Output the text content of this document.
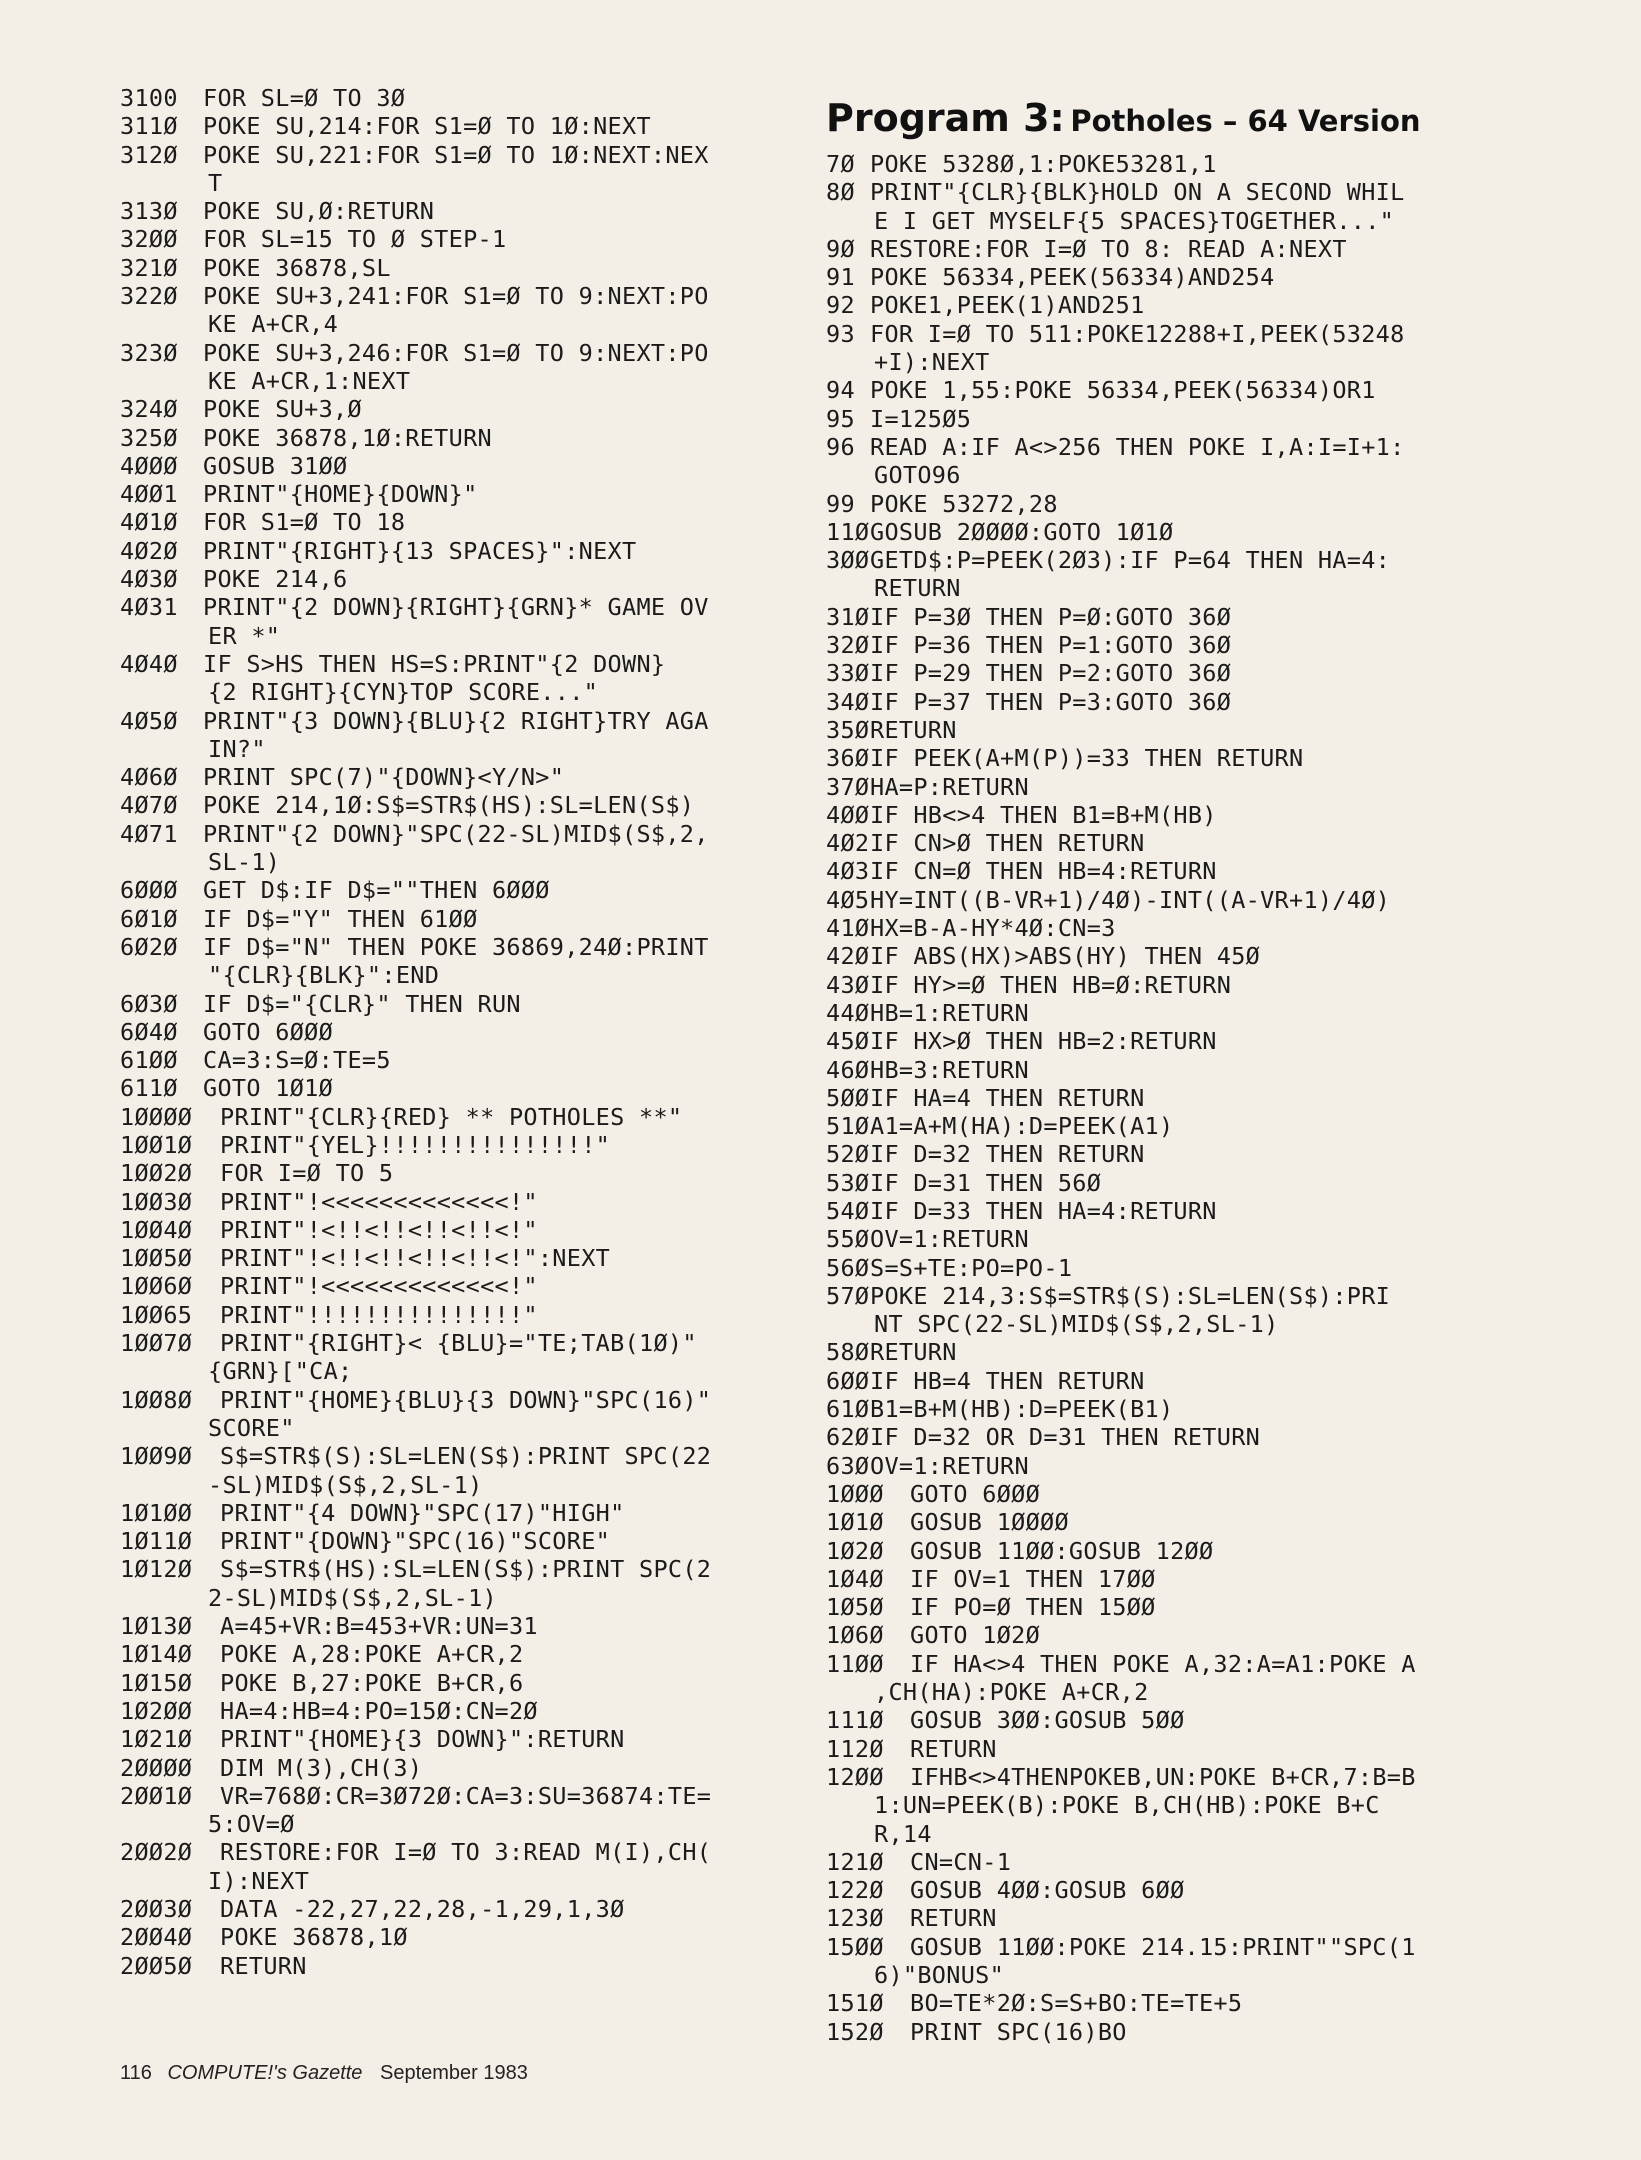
Program 3: Potholes – 64 Version
3100	FOR SL=Ø TO 3Ø
311Ø	POKE SU,214:FOR S1=Ø TO 1Ø:NEXT
312Ø	POKE SU,221:FOR S1=Ø TO 1Ø:NEXT:NEX
T
313Ø	POKE SU,Ø:RETURN
32ØØ	FOR SL=15 TO Ø STEP-1
321Ø	POKE 36878,SL
322Ø	POKE SU+3,241:FOR S1=Ø TO 9:NEXT:PO
KE A+CR,4
323Ø	POKE SU+3,246:FOR S1=Ø TO 9:NEXT:PO
KE A+CR,1:NEXT
324Ø	POKE SU+3,Ø
325Ø	POKE 36878,1Ø:RETURN
4ØØØ	GOSUB 31ØØ
4ØØ1	PRINT"{HOME}{DOWN}"
4Ø1Ø	FOR S1=Ø TO 18
4Ø2Ø	PRINT"{RIGHT}{13 SPACES}":NEXT
4Ø3Ø	POKE 214,6
4Ø31	PRINT"{2 DOWN}{RIGHT}{GRN}* GAME OV
ER *"
4Ø4Ø	IF S>HS THEN HS=S:PRINT"{2 DOWN}
{2 RIGHT}{CYN}TOP SCORE..."
4Ø5Ø	PRINT"{3 DOWN}{BLU}{2 RIGHT}TRY AGA
IN?"
4Ø6Ø	PRINT SPC(7)"{DOWN}<Y/N>"
4Ø7Ø	POKE 214,1Ø:S$=STR$(HS):SL=LEN(S$)
4Ø71	PRINT"{2 DOWN}"SPC(22-SL)MID$(S$,2,
SL-1)
6ØØØ	GET D$:IF D$=""THEN 6ØØØ
6Ø1Ø	IF D$="Y" THEN 61ØØ
6Ø2Ø	IF D$="N" THEN POKE 36869,24Ø:PRINT
"{CLR}{BLK}":END
6Ø3Ø	IF D$="{CLR}" THEN RUN
6Ø4Ø	GOTO 6ØØØ
61ØØ	CA=3:S=Ø:TE=5
611Ø	GOTO 1Ø1Ø
1ØØØØ	PRINT"{CLR}{RED} ** POTHOLES **"
1ØØ1Ø	PRINT"{YEL}!!!!!!!!!!!!!!!"
1ØØ2Ø	FOR I=Ø TO 5
1ØØ3Ø	PRINT"!<<<<<<<<<<<<<!"
1ØØ4Ø	PRINT"!<!!<!!<!!<!!<!"
1ØØ5Ø	PRINT"!<!!<!!<!!<!!<!":NEXT
1ØØ6Ø	PRINT"!<<<<<<<<<<<<<!"
1ØØ65	PRINT"!!!!!!!!!!!!!!!"
1ØØ7Ø	PRINT"{RIGHT}< {BLU}="TE;TAB(1Ø)"
{GRN}["CA;
1ØØ8Ø	PRINT"{HOME}{BLU}{3 DOWN}"SPC(16)"
SCORE"
1ØØ9Ø	S$=STR$(S):SL=LEN(S$):PRINT SPC(22
-SL)MID$(S$,2,SL-1)
1Ø1ØØ	PRINT"{4 DOWN}"SPC(17)"HIGH"
1Ø11Ø	PRINT"{DOWN}"SPC(16)"SCORE"
1Ø12Ø	S$=STR$(HS):SL=LEN(S$):PRINT SPC(2
2-SL)MID$(S$,2,SL-1)
1Ø13Ø	A=45+VR:B=453+VR:UN=31
1Ø14Ø	POKE A,28:POKE A+CR,2
1Ø15Ø	POKE B,27:POKE B+CR,6
1Ø2ØØ	HA=4:HB=4:PO=15Ø:CN=2Ø
1Ø21Ø	PRINT"{HOME}{3 DOWN}":RETURN
2ØØØØ	DIM M(3),CH(3)
2ØØ1Ø	VR=768Ø:CR=3Ø72Ø:CA=3:SU=36874:TE=
5:OV=Ø
2ØØ2Ø	RESTORE:FOR I=Ø TO 3:READ M(I),CH(
I):NEXT
2ØØ3Ø	DATA -22,27,22,28,-1,29,1,3Ø
2ØØ4Ø	POKE 36878,1Ø
2ØØ5Ø	RETURN
7Ø POKE 5328Ø,1:POKE53281,1
8Ø PRINT"{CLR}{BLK}HOLD ON A SECOND WHIL
E I GET MYSELF{5 SPACES}TOGETHER..."
9Ø RESTORE:FOR I=Ø TO 8: READ A:NEXT
91 POKE 56334,PEEK(56334)AND254
92 POKE1,PEEK(1)AND251
93 FOR I=Ø TO 511:POKE12288+I,PEEK(53248
+I):NEXT
94 POKE 1,55:POKE 56334,PEEK(56334)OR1
95 I=125Ø5
96 READ A:IF A<>256 THEN POKE I,A:I=I+1:
GOTO96
99 POKE 53272,28
11Ø GOSUB 2ØØØØ:GOTO 1Ø1Ø
3ØØ GETD$:P=PEEK(2Ø3):IF P=64 THEN HA=4:
RETURN
31Ø IF P=3Ø THEN P=Ø:GOTO 36Ø
32Ø IF P=36 THEN P=1:GOTO 36Ø
33Ø IF P=29 THEN P=2:GOTO 36Ø
34Ø IF P=37 THEN P=3:GOTO 36Ø
35Ø RETURN
36Ø IF PEEK(A+M(P))=33 THEN RETURN
37Ø HA=P:RETURN
4ØØ IF HB<>4 THEN B1=B+M(HB)
4Ø2 IF CN>Ø THEN RETURN
4Ø3 IF CN=Ø THEN HB=4:RETURN
4Ø5 HY=INT((B-VR+1)/4Ø)-INT((A-VR+1)/4Ø)
41Ø HX=B-A-HY*4Ø:CN=3
42Ø IF ABS(HX)>ABS(HY) THEN 45Ø
43Ø IF HY>=Ø THEN HB=Ø:RETURN
44Ø HB=1:RETURN
45Ø IF HX>Ø THEN HB=2:RETURN
46Ø HB=3:RETURN
5ØØ IF HA=4 THEN RETURN
51Ø A1=A+M(HA):D=PEEK(A1)
52Ø IF D=32 THEN RETURN
53Ø IF D=31 THEN 56Ø
54Ø IF D=33 THEN HA=4:RETURN
55Ø OV=1:RETURN
56Ø S=S+TE:PO=PO-1
57Ø POKE 214,3:S$=STR$(S):SL=LEN(S$):PRI
NT SPC(22-SL)MID$(S$,2,SL-1)
58Ø RETURN
6ØØ IF HB=4 THEN RETURN
61Ø B1=B+M(HB):D=PEEK(B1)
62Ø IF D=32 OR D=31 THEN RETURN
63Ø OV=1:RETURN
1ØØØ	GOTO 6ØØØ
1Ø1Ø	GOSUB 1ØØØØ
1Ø2Ø	GOSUB 11ØØ:GOSUB 12ØØ
1Ø4Ø	IF OV=1 THEN 17ØØ
1Ø5Ø	IF PO=Ø THEN 15ØØ
1Ø6Ø	GOTO 1Ø2Ø
11ØØ	IF HA<>4 THEN POKE A,32:A=A1:POKE A
,CH(HA):POKE A+CR,2
111Ø	GOSUB 3ØØ:GOSUB 5ØØ
112Ø	RETURN
12ØØ	IFHB<>4THENPOKEB,UN:POKE B+CR,7:B=B
1:UN=PEEK(B):POKE B,CH(HB):POKE B+C
R,14
121Ø	CN=CN-1
122Ø	GOSUB 4ØØ:GOSUB 6ØØ
123Ø	RETURN
15ØØ	GOSUB 11ØØ:POKE 214.15:PRINT""SPC(1
6)"BONUS"
151Ø	BO=TE*2Ø:S=S+BO:TE=TE+5
152Ø	PRINT SPC(16)BO
116 COMPUTE!'s Gazette September 1983
